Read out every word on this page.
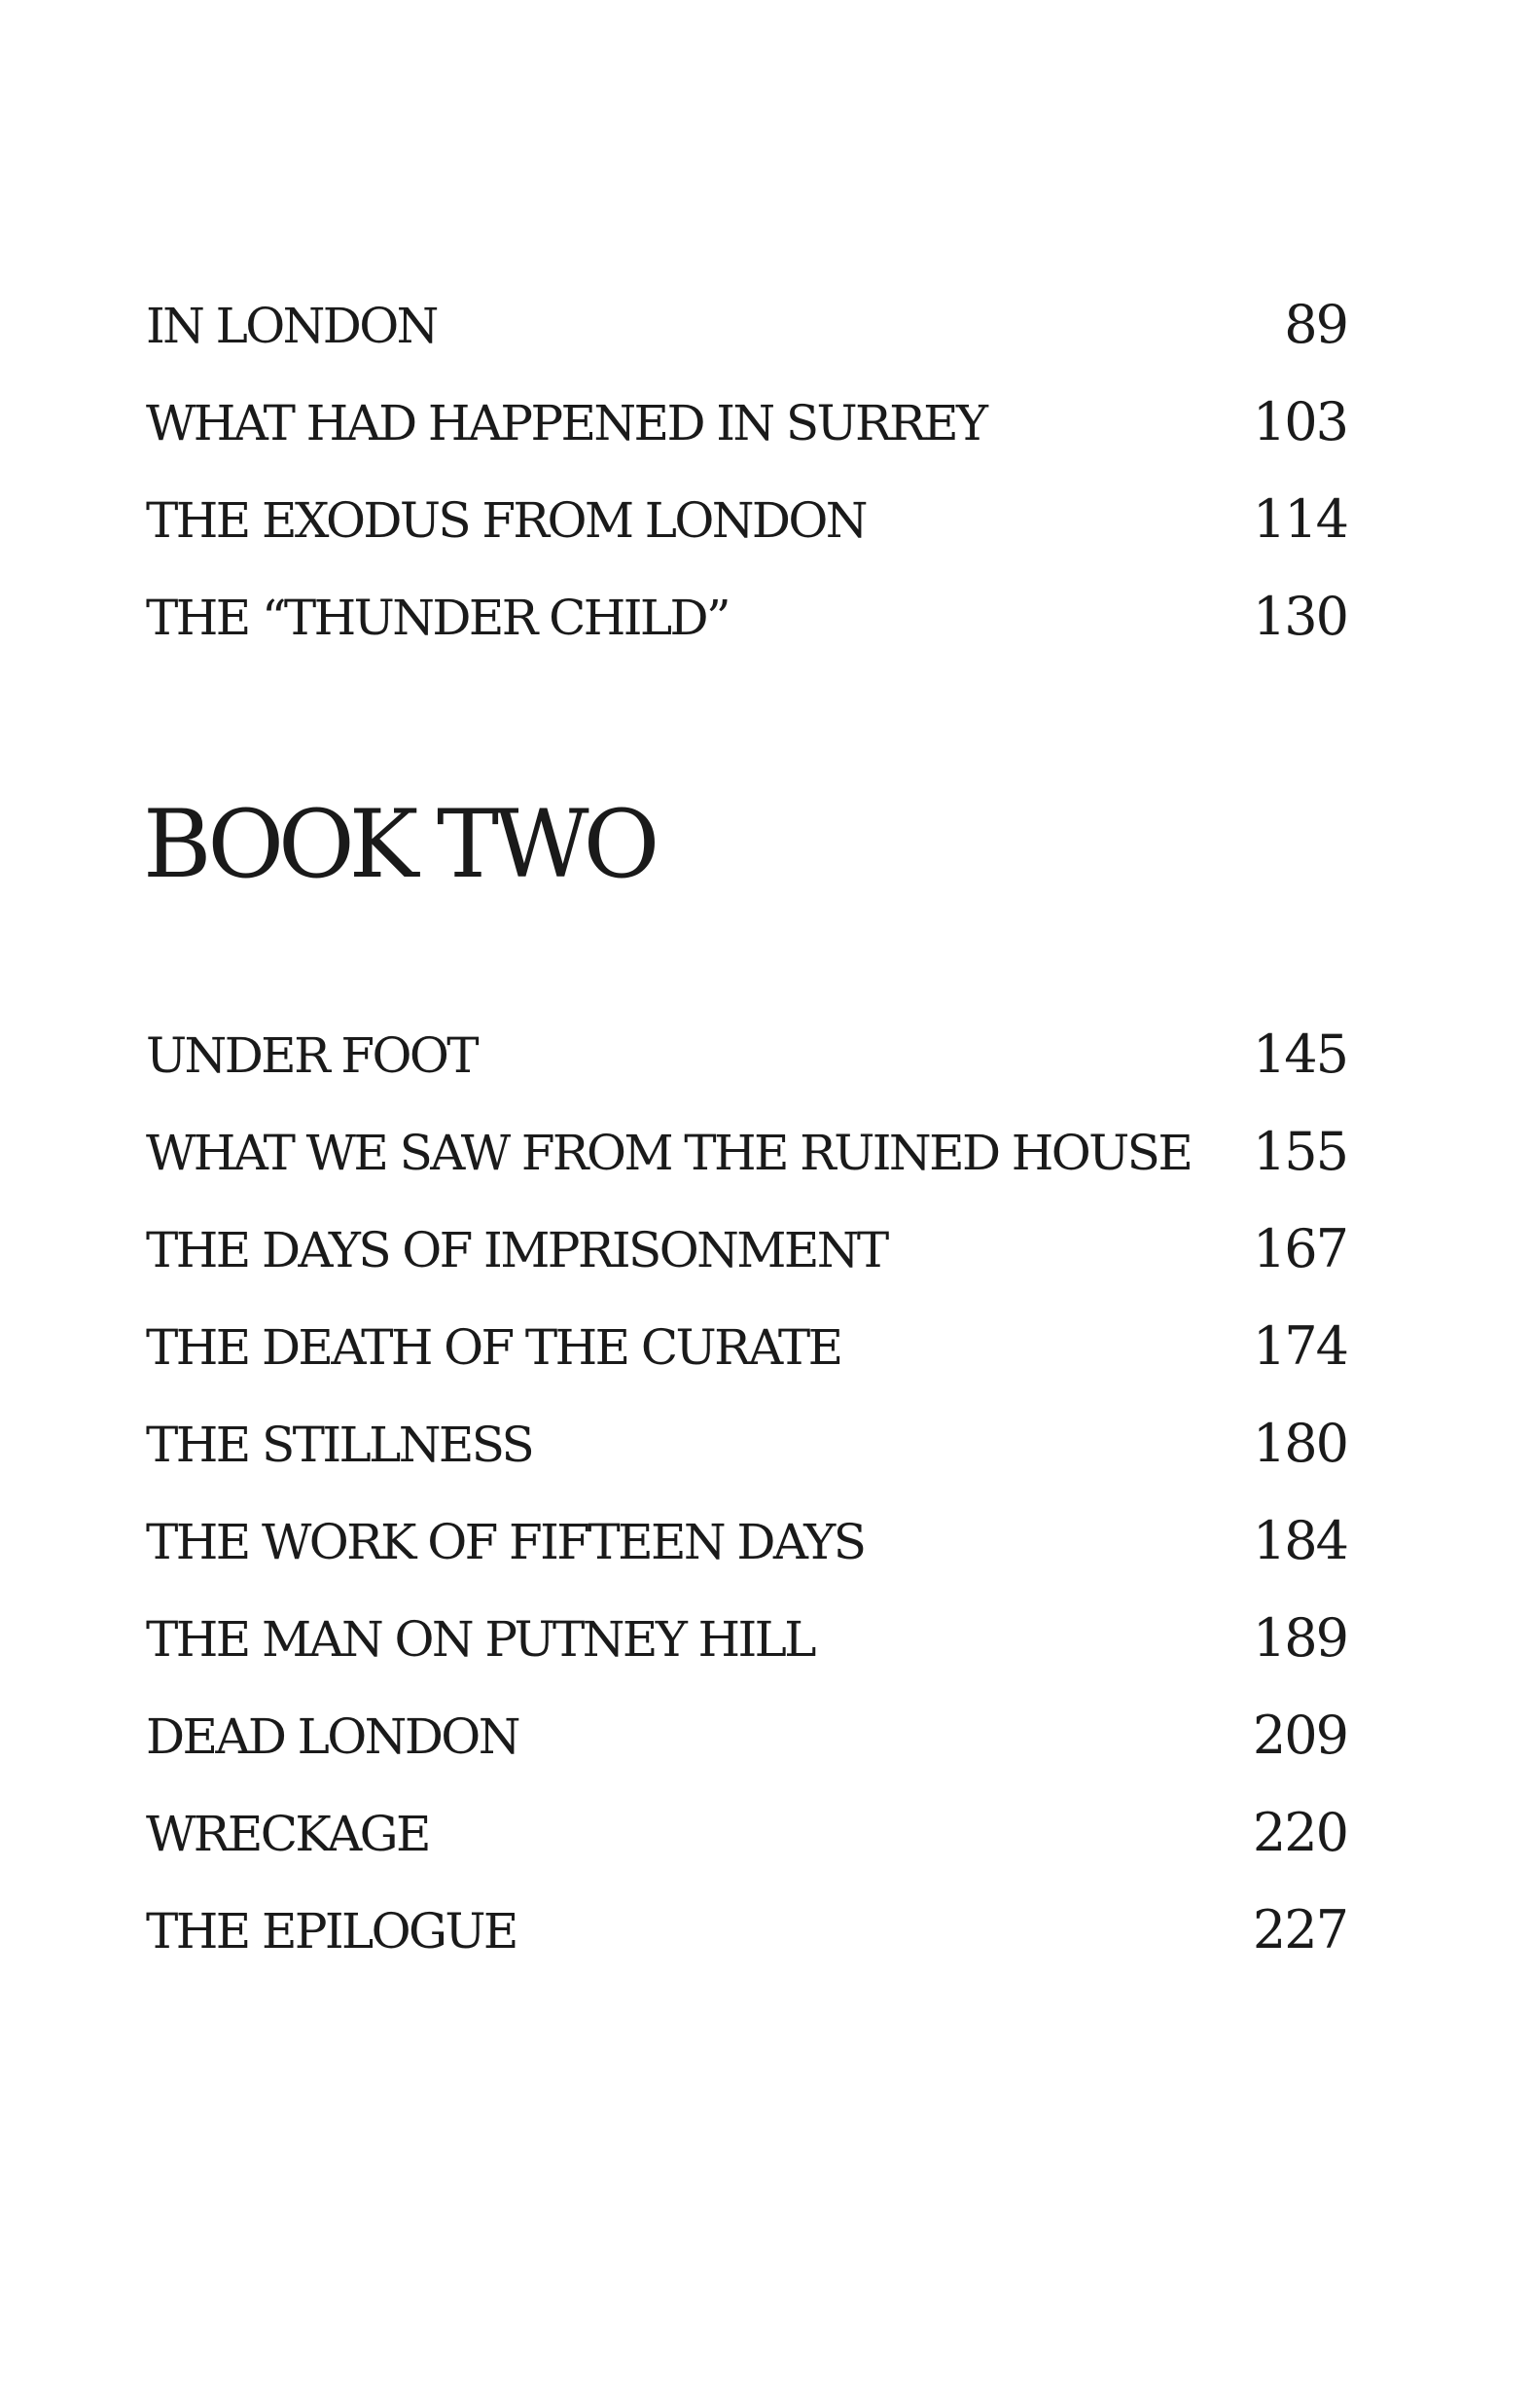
IN LONDON	89
WHAT HAD HAPPENED IN SURREY	103
THE EXODUS FROM LONDON	114
THE “THUNDER CHILD”	130
BOOK TWO
UNDER FOOT	145
WHAT WE SAW FROM THE RUINED HOUSE 155
THE DAYS OF IMPRISONMENT	167
THE DEATH OF THE CURATE	174
THE STILLNESS	180
THE WORK OF FIFTEEN DAYS	184
THE MAN ON PUTNEY HILL	189
DEAD LONDON	209
WRECKAGE	220
THE EPILOGUE	227
